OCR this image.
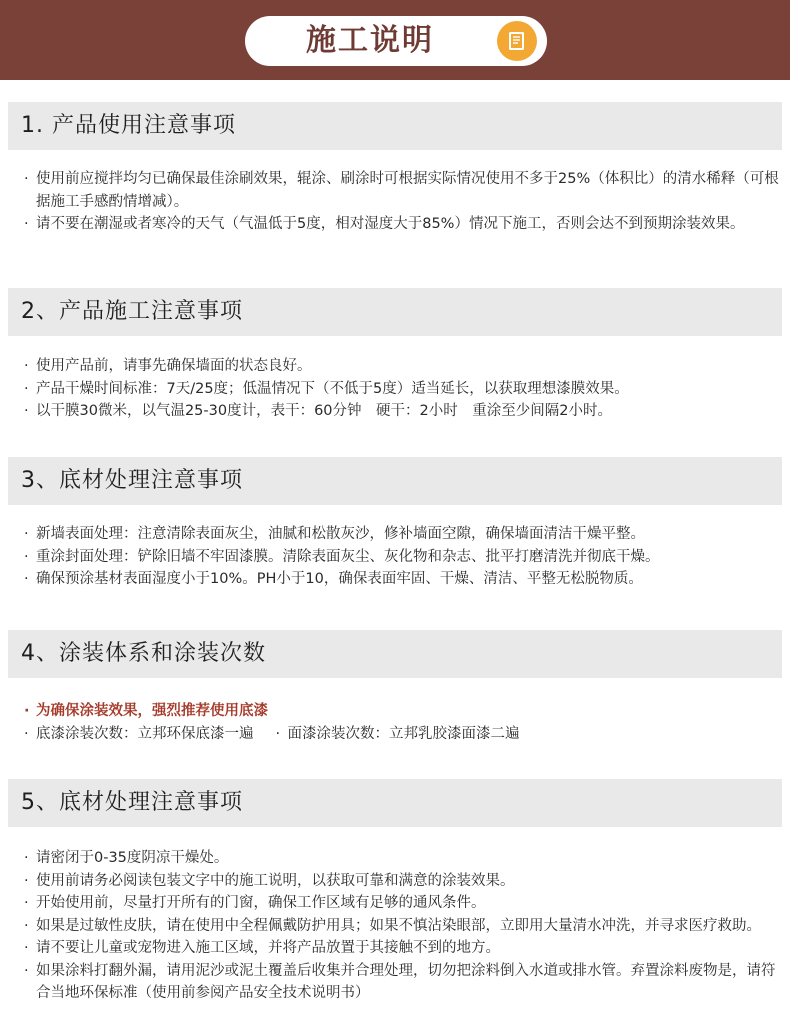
施工说明
1. 产品使用注意事项
· 使用前应搅拌均匀已确保最佳涂刷效果，辊涂、刷涂时可根据实际情况使用不多于25%（体积比）的清水稀释（可根据施工手感酌情增减）。
· 请不要在潮湿或者寒冷的天气（气温低于5度，相对湿度大于85%）情况下施工，否则会达不到预期涂装效果。
2、产品施工注意事项
· 使用产品前，请事先确保墙面的状态良好。
· 产品干燥时间标准：7天/25度；低温情况下（不低于5度）适当延长，以获取理想漆膜效果。
· 以干膜30微米，以气温25-30度计，表干：60分钟　硬干：2小时　重涂至少间隔2小时。
3、底材处理注意事项
· 新墙表面处理：注意清除表面灰尘，油腻和松散灰沙，修补墙面空隙，确保墙面清洁干燥平整。
· 重涂封面处理：铲除旧墙不牢固漆膜。清除表面灰尘、灰化物和杂志、批平打磨清洗并彻底干燥。
· 确保预涂基材表面湿度小于10%。PH小于10，确保表面牢固、干燥、清洁、平整无松脱物质。
4、涂装体系和涂装次数
· 为确保涂装效果，强烈推荐使用底漆
· 底漆涂装次数：立邦环保底漆一遍 · 面漆涂装次数：立邦乳胶漆面漆二遍
5、底材处理注意事项
· 请密闭于0-35度阴凉干燥处。
· 使用前请务必阅读包装文字中的施工说明，以获取可靠和满意的涂装效果。
· 开始使用前，尽量打开所有的门窗，确保工作区域有足够的通风条件。
· 如果是过敏性皮肤，请在使用中全程佩戴防护用具；如果不慎沾染眼部，立即用大量清水冲洗，并寻求医疗救助。
· 请不要让儿童或宠物进入施工区域，并将产品放置于其接触不到的地方。
· 如果涂料打翻外漏，请用泥沙或泥土覆盖后收集并合理处理，切勿把涂料倒入水道或排水管。弃置涂料废物是，请符合当地环保标准（使用前参阅产品安全技术说明书）
